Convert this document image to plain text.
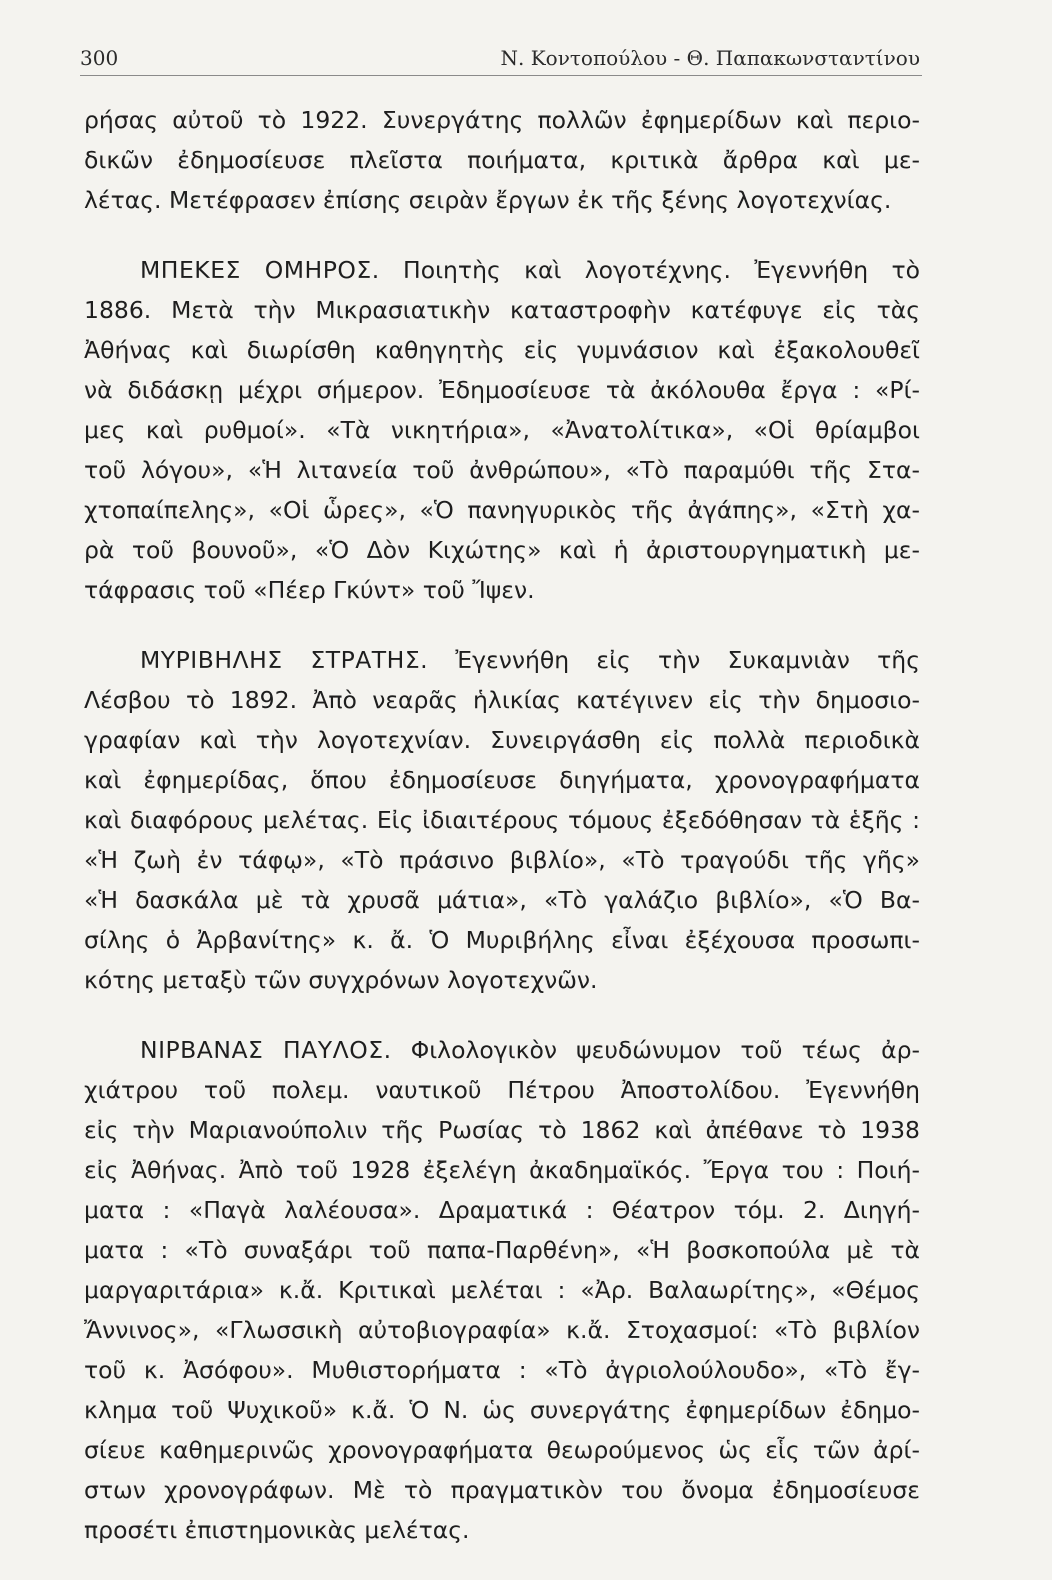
300	Ν. Κοντοπούλου - Θ. Παπακωνσταντίνου
ρήσας αὐτοῦ τὸ 1922. Συνεργάτης πολλῶν ἐφημερίδων καὶ περιο-
δικῶν ἐδημοσίευσε πλεῖστα ποιήματα, κριτικὰ ἄρθρα καὶ με-
λέτας. Μετέφρασεν ἐπίσης σειρὰν ἔργων ἐκ τῆς ξένης λογοτεχνίας.
ΜΠΕΚΕΣ ΟΜΗΡΟΣ. Ποιητὴς καὶ λογοτέχνης. Ἐγεννήθη τὸ
1886. Μετὰ τὴν Μικρασιατικὴν καταστροφὴν κατέφυγε εἰς τὰς
Ἀθήνας καὶ διωρίσθη καθηγητὴς εἰς γυμνάσιον καὶ ἐξακολουθεῖ
νὰ διδάσκῃ μέχρι σήμερον. Ἐδημοσίευσε τὰ ἀκόλουθα ἔργα : «Ρί-
μες καὶ ρυθμοί». «Τὰ νικητήρια», «Ἀνατολίτικα», «Οἱ θρίαμβοι
τοῦ λόγου», «Ἡ λιτανεία τοῦ ἀνθρώπου», «Τὸ παραμύθι τῆς Στα-
χτοπαίπελης», «Οἱ ὧρες», «Ὁ πανηγυρικὸς τῆς ἀγάπης», «Στὴ χα-
ρὰ τοῦ βουνοῦ», «Ὁ Δὸν Κιχώτης» καὶ ἡ ἀριστουργηματικὴ με-
τάφρασις τοῦ «Πέερ Γκύντ» τοῦ Ἴψεν.
ΜΥΡΙΒΗΛΗΣ ΣΤΡΑΤΗΣ. Ἐγεννήθη εἰς τὴν Συκαμνιὰν τῆς
Λέσβου τὸ 1892. Ἀπὸ νεαρᾶς ἡλικίας κατέγινεν εἰς τὴν δημοσιο-
γραφίαν καὶ τὴν λογοτεχνίαν. Συνειργάσθη εἰς πολλὰ περιοδικὰ
καὶ ἐφημερίδας, ὅπου ἐδημοσίευσε διηγήματα, χρονογραφήματα
καὶ διαφόρους μελέτας. Εἰς ἰδιαιτέρους τόμους ἐξεδόθησαν τὰ ἑξῆς :
«Ἡ ζωὴ ἐν τάφῳ», «Τὸ πράσινο βιβλίο», «Τὸ τραγούδι τῆς γῆς»
«Ἡ δασκάλα μὲ τὰ χρυσᾶ μάτια», «Τὸ γαλάζιο βιβλίο», «Ὁ Βα-
σίλης ὁ Ἀρβανίτης» κ. ἄ. Ὁ Μυριβήλης εἶναι ἐξέχουσα προσωπι-
κότης μεταξὺ τῶν συγχρόνων λογοτεχνῶν.
ΝΙΡΒΑΝΑΣ ΠΑΥΛΟΣ. Φιλολογικὸν ψευδώνυμον τοῦ τέως ἀρ-
χιάτρου τοῦ πολεμ. ναυτικοῦ Πέτρου Ἀποστολίδου. Ἐγεννήθη
εἰς τὴν Μαριανούπολιν τῆς Ρωσίας τὸ 1862 καὶ ἀπέθανε τὸ 1938
εἰς Ἀθήνας. Ἀπὸ τοῦ 1928 ἐξελέγη ἀκαδημαϊκός. Ἔργα του : Ποιή-
ματα : «Παγὰ λαλέουσα». Δραματικά : Θέατρον τόμ. 2. Διηγή-
ματα : «Τὸ συναξάρι τοῦ παπα-Παρθένη», «Ἡ βοσκοπούλα μὲ τὰ
μαργαριτάρια» κ.ἄ. Κριτικαὶ μελέται : «Ἀρ. Βαλαωρίτης», «Θέμος
Ἄννινος», «Γλωσσικὴ αὐτοβιογραφία» κ.ἄ. Στοχασμοί: «Τὸ βιβλίον
τοῦ κ. Ἀσόφου». Μυθιστορήματα : «Τὸ ἀγριολούλουδο», «Τὸ ἔγ-
κλημα τοῦ Ψυχικοῦ» κ.ἄ. Ὁ Ν. ὡς συνεργάτης ἐφημερίδων ἐδημο-
σίευε καθημερινῶς χρονογραφήματα θεωρούμενος ὡς εἷς τῶν ἀρί-
στων χρονογράφων. Μὲ τὸ πραγματικὸν του ὄνομα ἐδημοσίευσε
προσέτι ἐπιστημονικὰς μελέτας.
